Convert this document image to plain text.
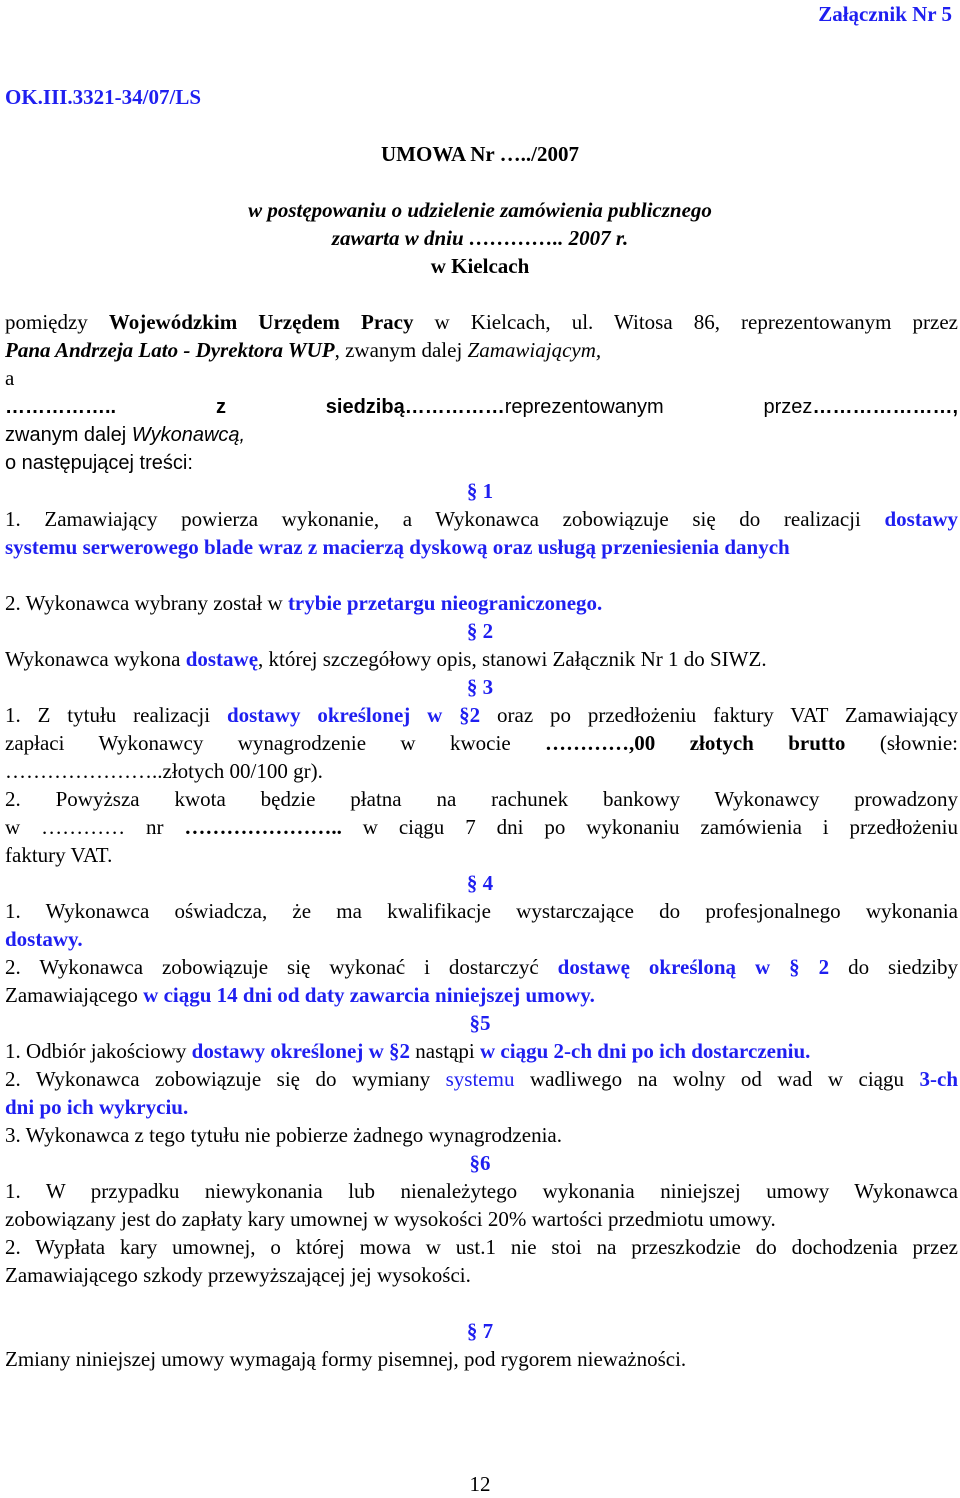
Załącznik Nr 5
OK.III.3321-34/07/LS
UMOWA Nr …../2007
w postępowaniu o udzielenie zamówienia publicznego
zawarta w dniu ………….. 2007 r.
w Kielcach
pomiędzy Wojewódzkim Urzędem Pracy w Kielcach, ul. Witosa 86, reprezentowanym przez
Pana Andrzeja Lato - Dyrektora WUP, zwanym dalej Zamawiającym,
a
…………….. z siedzibą……………reprezentowanym przez…………………,
zwanym dalej Wykonawcą,
o następującej treści:
§ 1
1. Zamawiający powierza wykonanie, a Wykonawca zobowiązuje się do realizacji dostawy
systemu serwerowego blade wraz z macierzą dyskową oraz usługą przeniesienia danych
2. Wykonawca wybrany został w trybie przetargu nieograniczonego.
§ 2
Wykonawca wykona dostawę, której szczegółowy opis, stanowi Załącznik Nr 1 do SIWZ.
§ 3
1. Z tytułu realizacji dostawy określonej w §2 oraz po przedłożeniu faktury VAT Zamawiający
zapłaci Wykonawcy wynagrodzenie w kwocie …………,00 złotych brutto (słownie:
…………………..złotych 00/100 gr).
2. Powyższa kwota będzie płatna na rachunek bankowy Wykonawcy prowadzony
w ………… nr ………………….. w ciągu 7 dni po wykonaniu zamówienia i przedłożeniu
faktury VAT.
§ 4
1. Wykonawca oświadcza, że ma kwalifikacje wystarczające do profesjonalnego wykonania
dostawy.
2. Wykonawca zobowiązuje się wykonać i dostarczyć dostawę określoną w § 2 do siedziby
Zamawiającego w ciągu 14 dni od daty zawarcia niniejszej umowy.
§5
1. Odbiór jakościowy dostawy określonej w §2 nastąpi w ciągu 2-ch dni po ich dostarczeniu.
2. Wykonawca zobowiązuje się do wymiany systemu wadliwego na wolny od wad w ciągu 3-ch
dni po ich wykryciu.
3. Wykonawca z tego tytułu nie pobierze żadnego wynagrodzenia.
§6
1. W przypadku niewykonania lub nienależytego wykonania niniejszej umowy Wykonawca
zobowiązany jest do zapłaty kary umownej w wysokości 20% wartości przedmiotu umowy.
2. Wypłata kary umownej, o której mowa w ust.1 nie stoi na przeszkodzie do dochodzenia przez
Zamawiającego szkody przewyższającej jej wysokości.
§ 7
Zmiany niniejszej umowy wymagają formy pisemnej, pod rygorem nieważności.
12
